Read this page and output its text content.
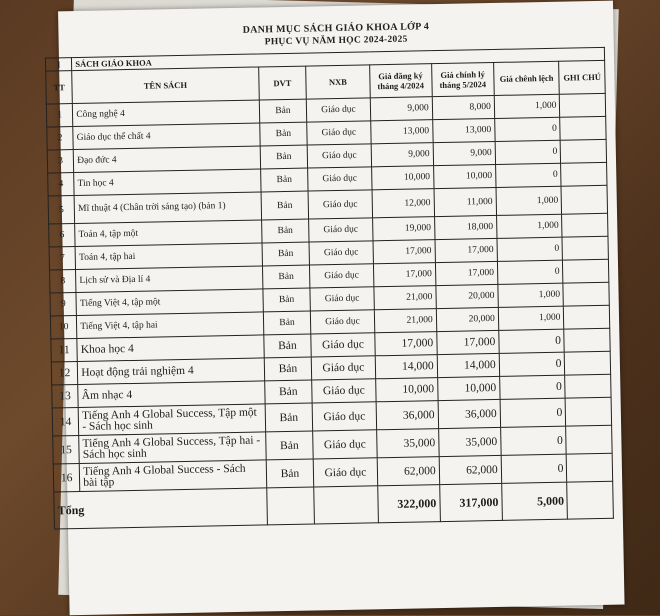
DANH MỤC SÁCH GIÁO KHOA LỚP 4
PHỤC VỤ NĂM HỌC 2024-2025
I	SÁCH GIÁO KHOA						
TT	TÊN SÁCH	DVT	NXB	Giá đăng ký tháng 4/2024	Giá chính lý tháng 5/2024	Giá chênh lệch	GHI CHÚ
1	Công nghệ 4	Bản	Giáo dục	9,000	8,000	1,000	
2	Giáo dục thể chất 4	Bản	Giáo dục	13,000	13,000	0	
3	Đạo đức 4	Bản	Giáo dục	9,000	9,000	0	
4	Tin học 4	Bản	Giáo dục	10,000	10,000	0	
5	Mĩ thuật 4 (Chân trời sáng tạo) (bản 1)	Bản	Giáo dục	12,000	11,000	1,000	
6	Toán 4, tập một	Bản	Giáo dục	19,000	18,000	1,000	
7	Toán 4, tập hai	Bản	Giáo dục	17,000	17,000	0	
8	Lịch sử và Địa lí 4	Bản	Giáo dục	17,000	17,000	0	
9	Tiếng Việt 4, tập một	Bản	Giáo dục	21,000	20,000	1,000	
10	Tiếng Việt 4, tập hai	Bản	Giáo dục	21,000	20,000	1,000	
11	Khoa học 4	Bản	Giáo dục	17,000	17,000	0	
12	Hoạt động trải nghiệm 4	Bản	Giáo dục	14,000	14,000	0	
13	Âm nhạc 4	Bản	Giáo dục	10,000	10,000	0	
14	Tiếng Anh 4 Global Success, Tập một - Sách học sinh	Bản	Giáo dục	36,000	36,000	0	
15	Tiếng Anh 4 Global Success, Tập hai - Sách học sinh	Bản	Giáo dục	35,000	35,000	0	
16	Tiếng Anh 4 Global Success - Sách bài tập	Bản	Giáo dục	62,000	62,000	0	
Tổng				322,000	317,000	5,000	
